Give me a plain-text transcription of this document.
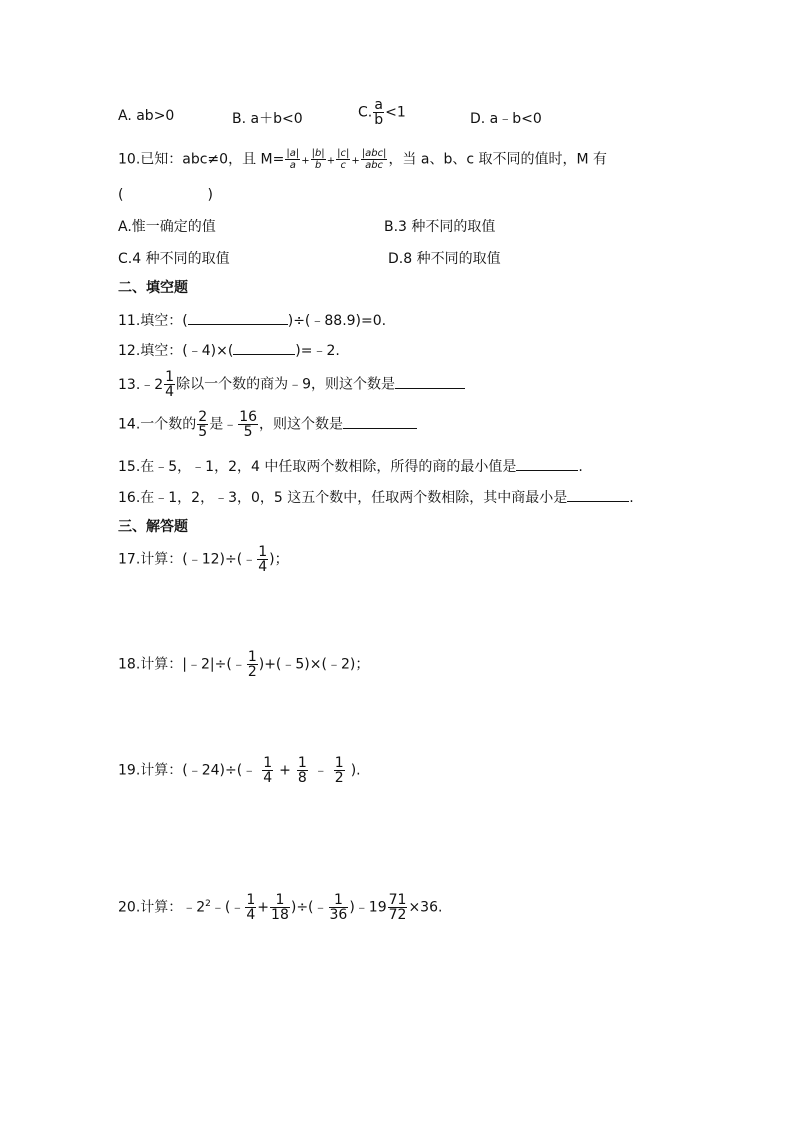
A. ab>0	B. a＋b<0	C. $\frac{a}{b} <1$	D. a﹣b<0
10.已知：abc≠0，且 $M= \frac{|a|}{a} + \frac{|b|}{b} + \frac{|c|}{c} + \frac{\text{|abc|}}{\text{abc}}$ ，当 a、b、c 取不同的值时，M 有
(　　　　　　)
A.惟一确定的值	B.3 种不同的取值
C.4 种不同的取值	D.8 种不同的取值
二、填空题
11.填空：(	)÷(﹣88.9)=0.
12.填空：(﹣4)×(	)=﹣2.
13.﹣2 $\frac{1}{4}$ 除以一个数的商为﹣9，则这个数是
14.一个数的 $\frac{2}{5}$ 是﹣ $\frac{16}{5}$ ，则这个数是
15.在﹣5，﹣1，2，4 中任取两个数相除，所得的商的最小值是	.
16.在﹣1，2，﹣3，0，5 这五个数中，任取两个数相除，其中商最小是	.
三、解答题
17.计算：(﹣12)÷(﹣ $\frac{1}{4}$ )；
18.计算：|﹣2|÷(﹣ $\frac{1}{2}$ )+(﹣5)×(﹣2)；
19.计算：(﹣24)÷(﹣ $\frac{1}{4} + \frac{1}{8}$ ﹣ $\frac{1}{2}$ ).
20.计算：$﹣2^2﹣(﹣ \frac{1}{4} + \frac{1}{18}$ )÷(﹣ $\frac{1}{36}$ )﹣19 $\frac{71}{72} \times 36$.
